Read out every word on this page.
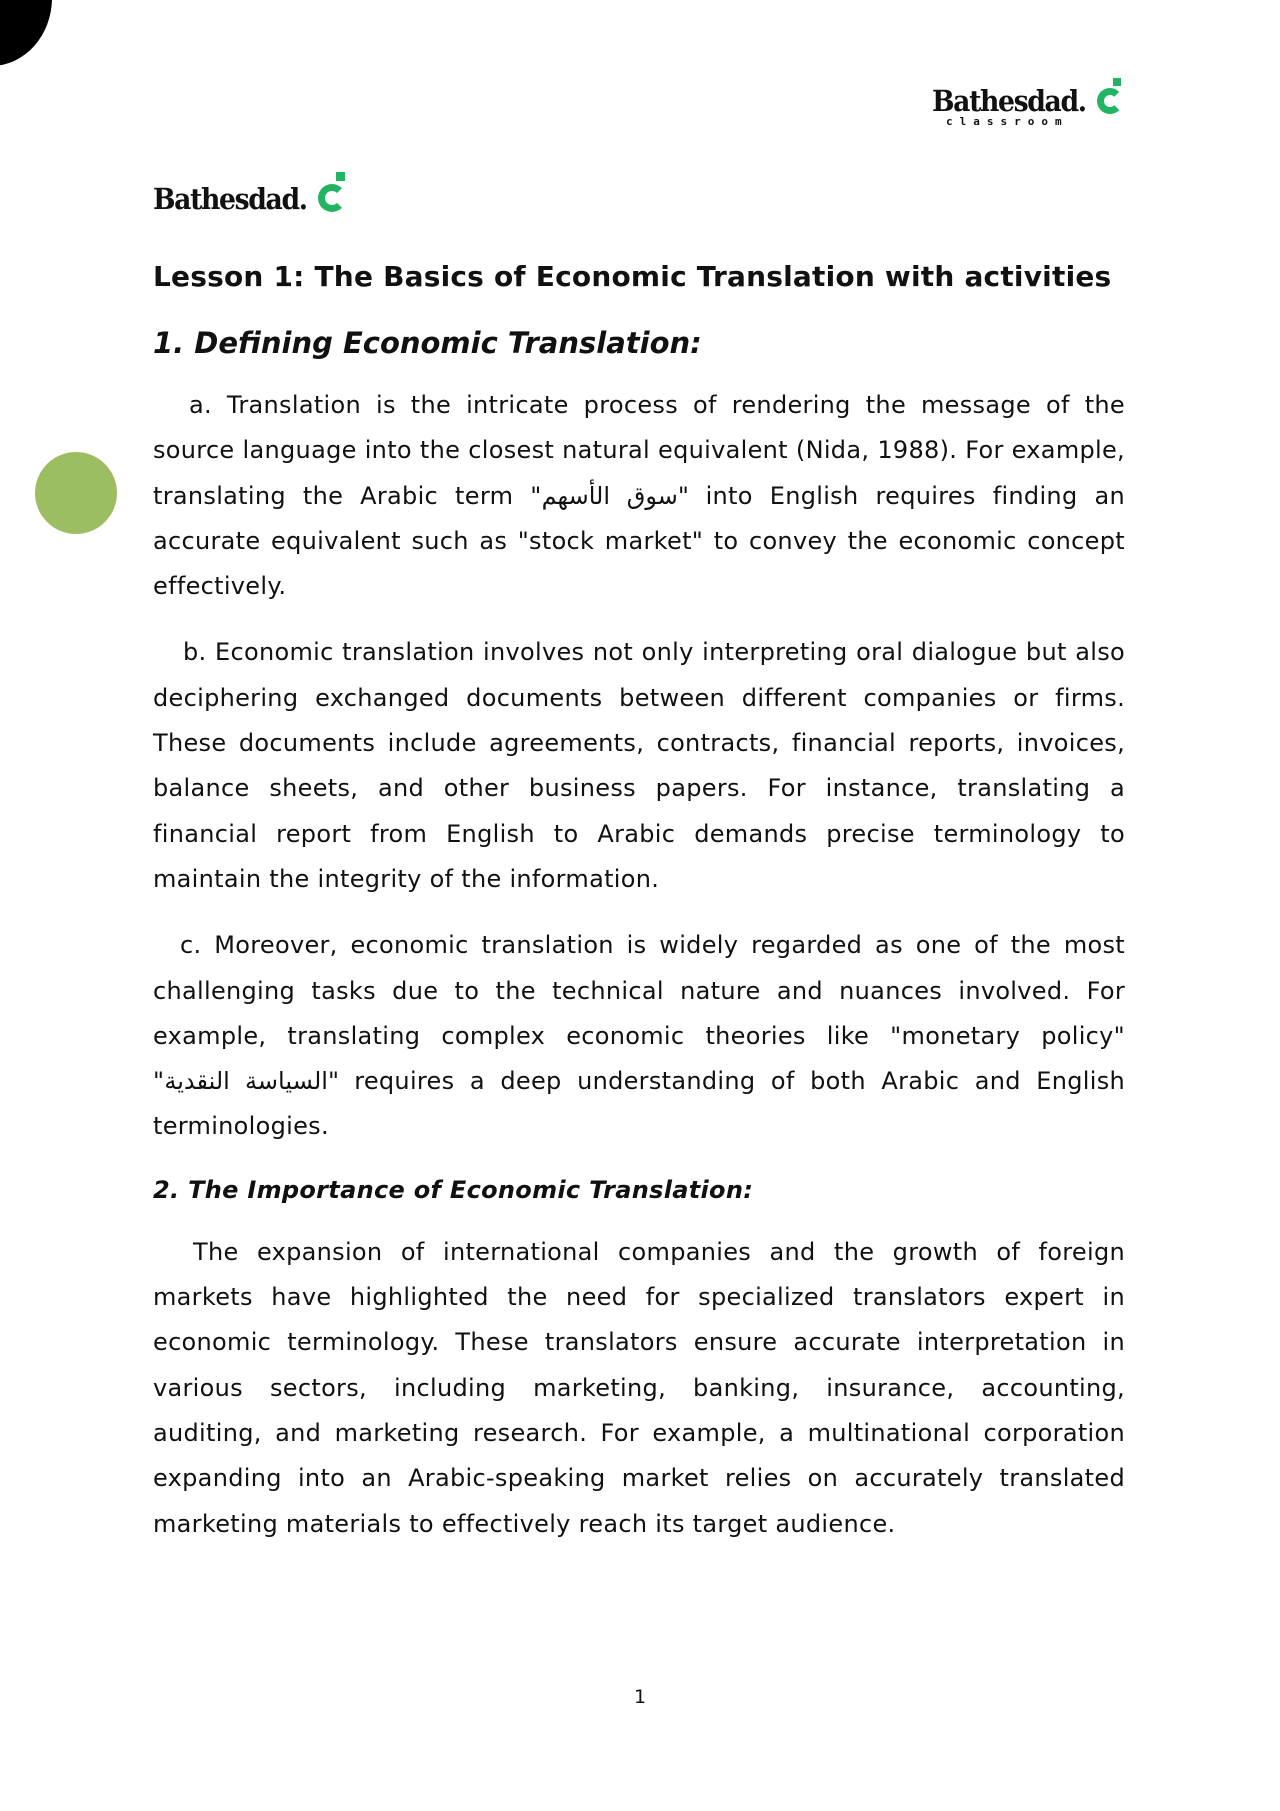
Bathesdad.
classroom
Bathesdad.
Lesson 1: The Basics of Economic Translation with activities
1. Defining Economic Translation:

a. Translation is the intricate process of rendering the message of the source language into the closest natural equivalent (Nida, 1988). For example, translating the Arabic term "سوق الأسهم" into English requires finding an accurate equivalent such as "stock market" to convey the economic concept effectively.

b. Economic translation involves not only interpreting oral dialogue but also deciphering exchanged documents between different companies or firms. These documents include agreements, contracts, financial reports, invoices, balance sheets, and other business papers. For instance, translating a financial report from English to Arabic demands precise terminology to maintain the integrity of the information.

c. Moreover, economic translation is widely regarded as one of the most challenging tasks due to the technical nature and nuances involved. For example, translating complex economic theories like "monetary policy" "السياسة النقدية" requires a deep understanding of both Arabic and English terminologies.

2. The Importance of Economic Translation:

The expansion of international companies and the growth of foreign markets have highlighted the need for specialized translators expert in economic terminology. These translators ensure accurate interpretation in various sectors, including marketing, banking, insurance, accounting, auditing, and marketing research. For example, a multinational corporation expanding into an Arabic-speaking market relies on accurately translated marketing materials to effectively reach its target audience.

1
